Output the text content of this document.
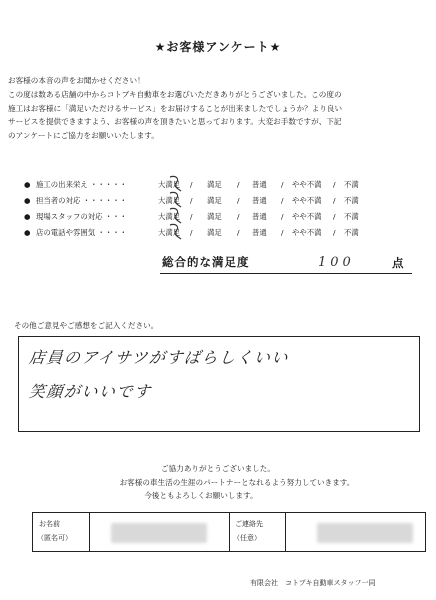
★お客様アンケート★
お客様の本音の声をお聞かせください！
この度は数ある店舗の中からコトブキ自動車をお選びいただきありがとうございました。この度の
施工はお客様に「満足いただけるサービス」をお届けすることが出来ましたでしょうか？より良い
サービスを提供できますよう、お客様の声を頂きたいと思っております。大変お手数ですが、下記
のアンケートにご協力をお願いいたします。
● 施工の出来栄え ・・・・・	大満足 / 満足 / 普通 / やや不満 / 不満
● 担当者の対応 ・・・・・・	大満足 / 満足 / 普通 / やや不満 / 不満
● 現場スタッフの対応 ・・・	大満足 / 満足 / 普通 / やや不満 / 不満
● 店の電話や雰囲気 ・・・・	大満足 / 満足 / 普通 / やや不満 / 不満
総合的な満足度	100	点
その他ご意見やご感想をご記入ください。
店員のアイサツがすばらしくいい
笑顔がいいです
ご協力ありがとうございました。
お客様の車生活の生涯のパートナーとなれるよう努力していきます。
今後ともよろしくお願いします。
お名前
（匿名可）
ご連絡先
（任意）
有限会社　コトブキ自動車スタッフ一同
